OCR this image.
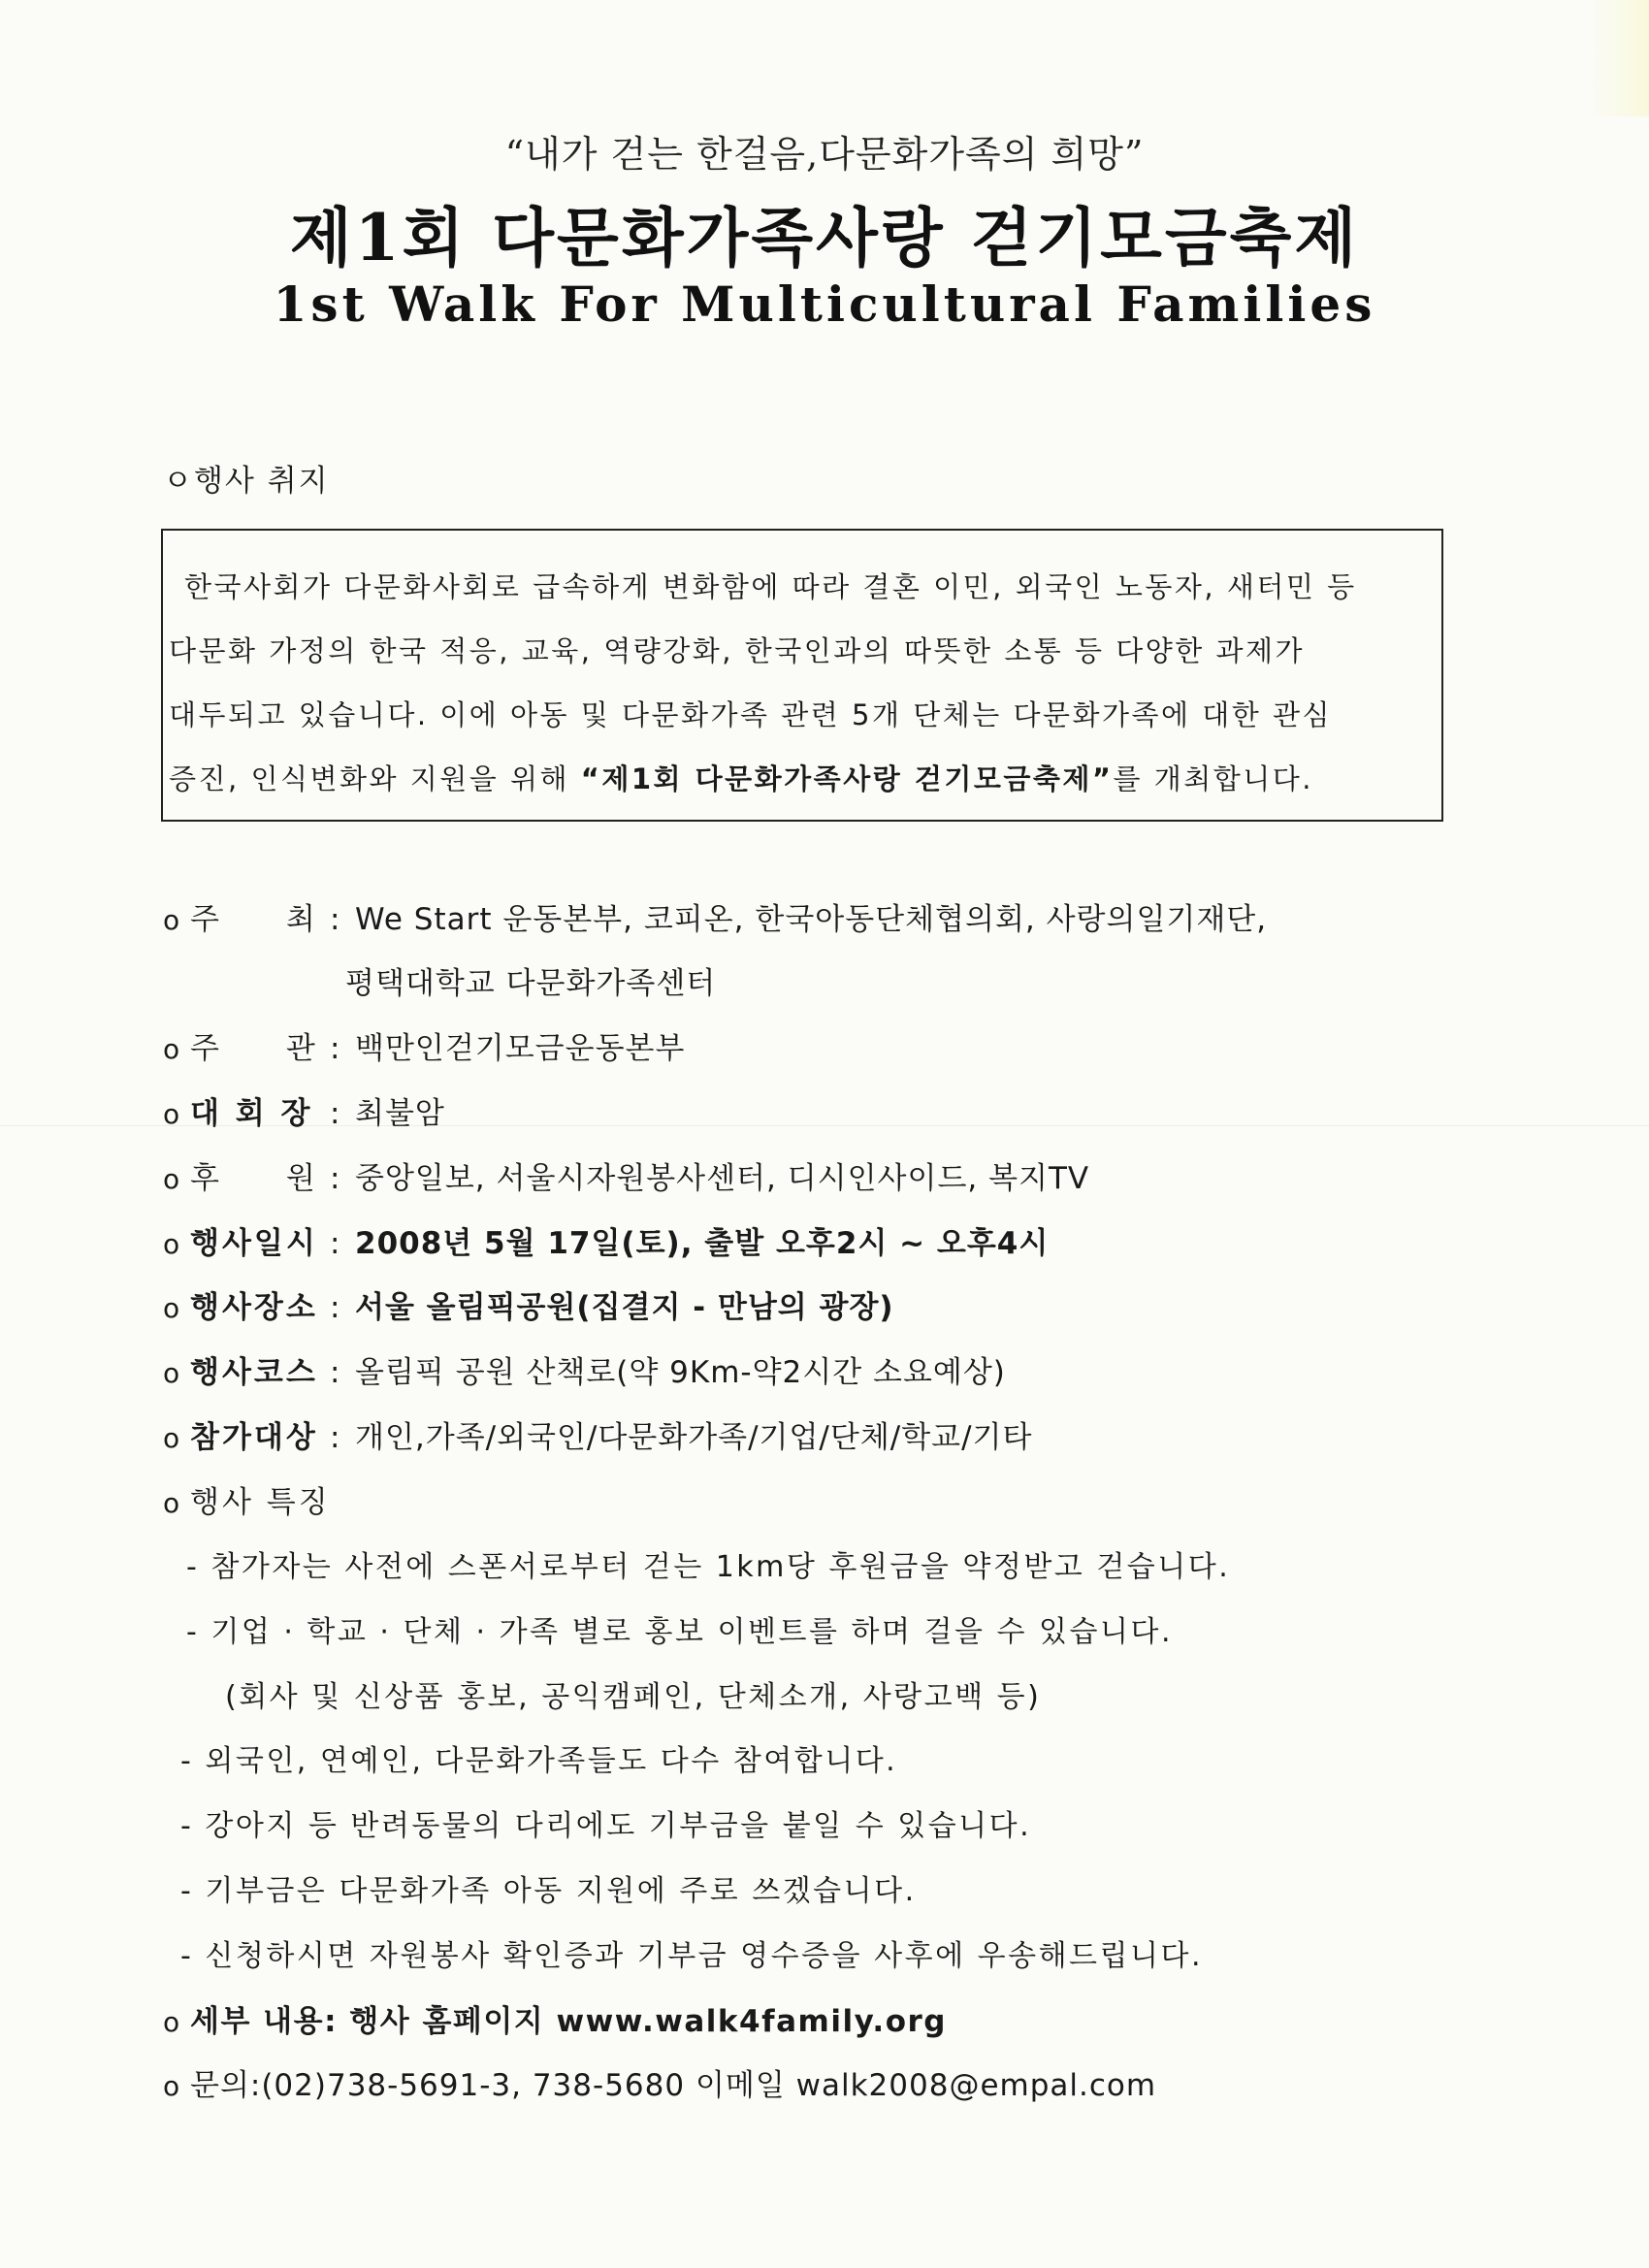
“내가 걷는 한걸음,다문화가족의 희망”
제1회 다문화가족사랑 걷기모금축제
1st Walk For Multicultural Families
ㅇ행사 취지
한국사회가 다문화사회로 급속하게 변화함에 따라 결혼 이민, 외국인 노동자, 새터민 등
다문화 가정의 한국 적응, 교육, 역량강화, 한국인과의 따뜻한 소통 등 다양한 과제가
대두되고 있습니다. 이에 아동 및 다문화가족 관련 5개 단체는 다문화가족에 대한 관심
증진, 인식변화와 지원을 위해 “제1회 다문화가족사랑 걷기모금축제”를 개최합니다.
o 주       최 : We Start 운동본부, 코피온, 한국아동단체협의회, 사랑의일기재단,
평택대학교 다문화가족센터
o 주       관 : 백만인걷기모금운동본부
o 대 회 장 : 최불암
o 후       원 : 중앙일보, 서울시자원봉사센터, 디시인사이드, 복지TV
o 행사일시 : 2008년 5월 17일(토), 출발 오후2시 ~ 오후4시
o 행사장소 : 서울 올림픽공원(집결지 - 만남의 광장)
o 행사코스 : 올림픽 공원 산책로(약 9Km-약2시간 소요예상)
o 참가대상 : 개인,가족/외국인/다문화가족/기업/단체/학교/기타
o 행사 특징
- 참가자는 사전에 스폰서로부터 걷는 1km당 후원금을 약정받고 걷습니다.
- 기업 · 학교 · 단체 · 가족 별로 홍보 이벤트를 하며 걸을 수 있습니다.
(회사 및 신상품 홍보, 공익캠페인, 단체소개, 사랑고백 등)
- 외국인, 연예인, 다문화가족들도 다수 참여합니다.
- 강아지 등 반려동물의 다리에도 기부금을 붙일 수 있습니다.
- 기부금은 다문화가족 아동 지원에 주로 쓰겠습니다.
- 신청하시면 자원봉사 확인증과 기부금 영수증을 사후에 우송해드립니다.
o 세부 내용: 행사 홈페이지 www.walk4family.org
o 문의:(02)738-5691-3, 738-5680 이메일 walk2008@empal.com
